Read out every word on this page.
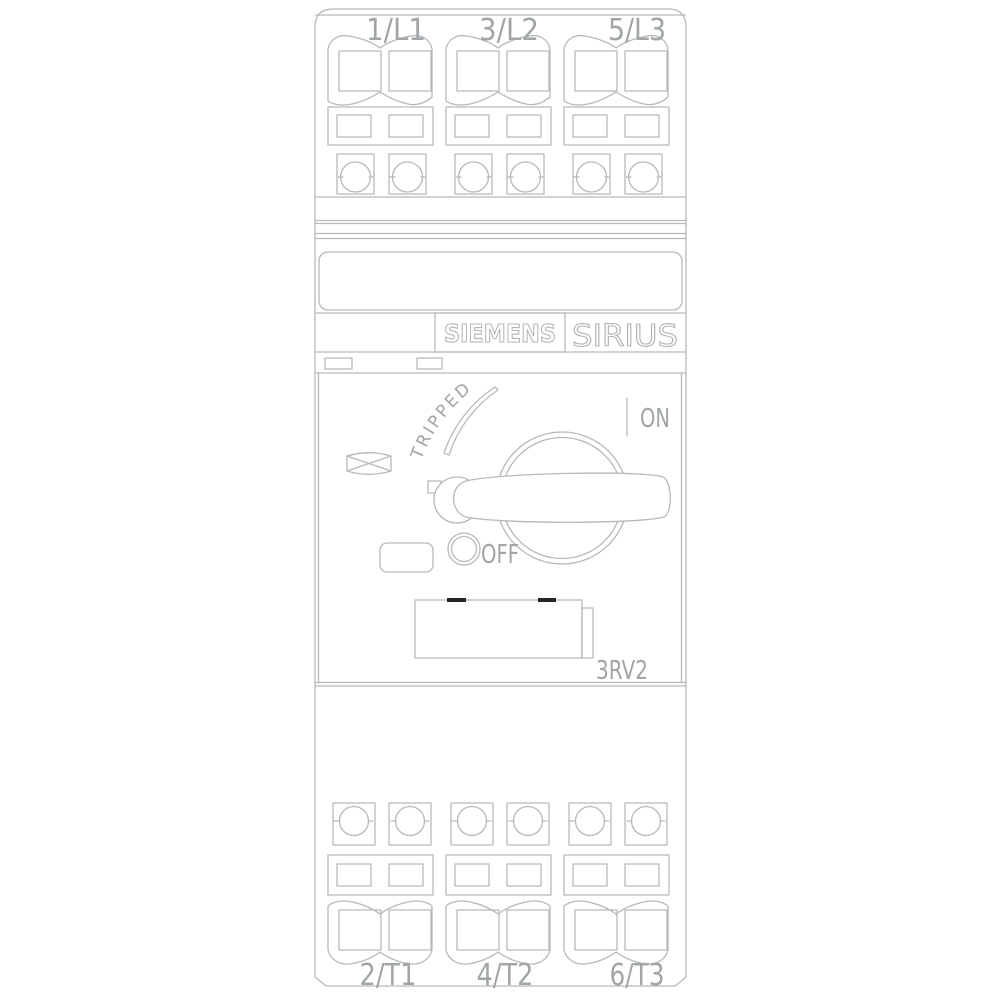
SIEMENS SIRIUS
1/L1 3/L2 5/L3
TRIPPED
ON
OFF
3RV2
2/T1 4/T2	6/T3
